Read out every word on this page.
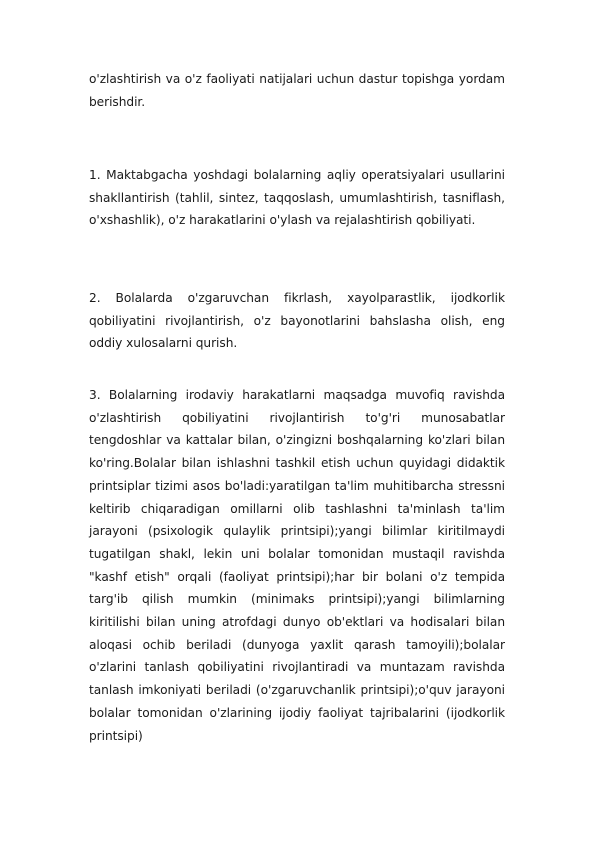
o'zlashtirish va o'z faoliyati natijalari uchun dastur topishga yordam berishdir.

1. Maktabgacha yoshdagi bolalarning aqliy operatsiyalari usullarini shakllantirish (tahlil, sintez, taqqoslash, umumlashtirish, tasniflash, o'xshashlik), o'z harakatlarini o'ylash va rejalashtirish qobiliyati.

2. Bolalarda o'zgaruvchan fikrlash, xayolparastlik, ijodkorlik qobiliyatini rivojlantirish, o'z bayonotlarini bahslasha olish, eng oddiy xulosalarni qurish.

3. Bolalarning irodaviy harakatlarni maqsadga muvofiq ravishda o'zlashtirish qobiliyatini rivojlantirish to'g'ri munosabatlar tengdoshlar va kattalar bilan, o'zingizni boshqalarning ko'zlari bilan ko'ring.Bolalar bilan ishlashni tashkil etish uchun quyidagi didaktik printsiplar tizimi asos bo'ladi:yaratilgan ta'lim muhitibarcha stressni keltirib chiqaradigan omillarni olib tashlashni ta'minlash ta'lim jarayoni (psixologik qulaylik printsipi);yangi bilimlar kiritilmaydi tugatilgan shakl, lekin uni bolalar tomonidan mustaqil ravishda "kashf etish" orqali (faoliyat printsipi);har bir bolani o'z tempida targ'ib qilish mumkin (minimaks printsipi);yangi bilimlarning kiritilishi bilan uning atrofdagi dunyo ob'ektlari va hodisalari bilan aloqasi ochib beriladi (dunyoga yaxlit qarash tamoyili);bolalar o'zlarini tanlash qobiliyatini rivojlantiradi va muntazam ravishda tanlash imkoniyati beriladi (o'zgaruvchanlik printsipi);o'quv jarayoni bolalar tomonidan o'zlarining ijodiy faoliyat tajribalarini (ijodkorlik printsipi)
